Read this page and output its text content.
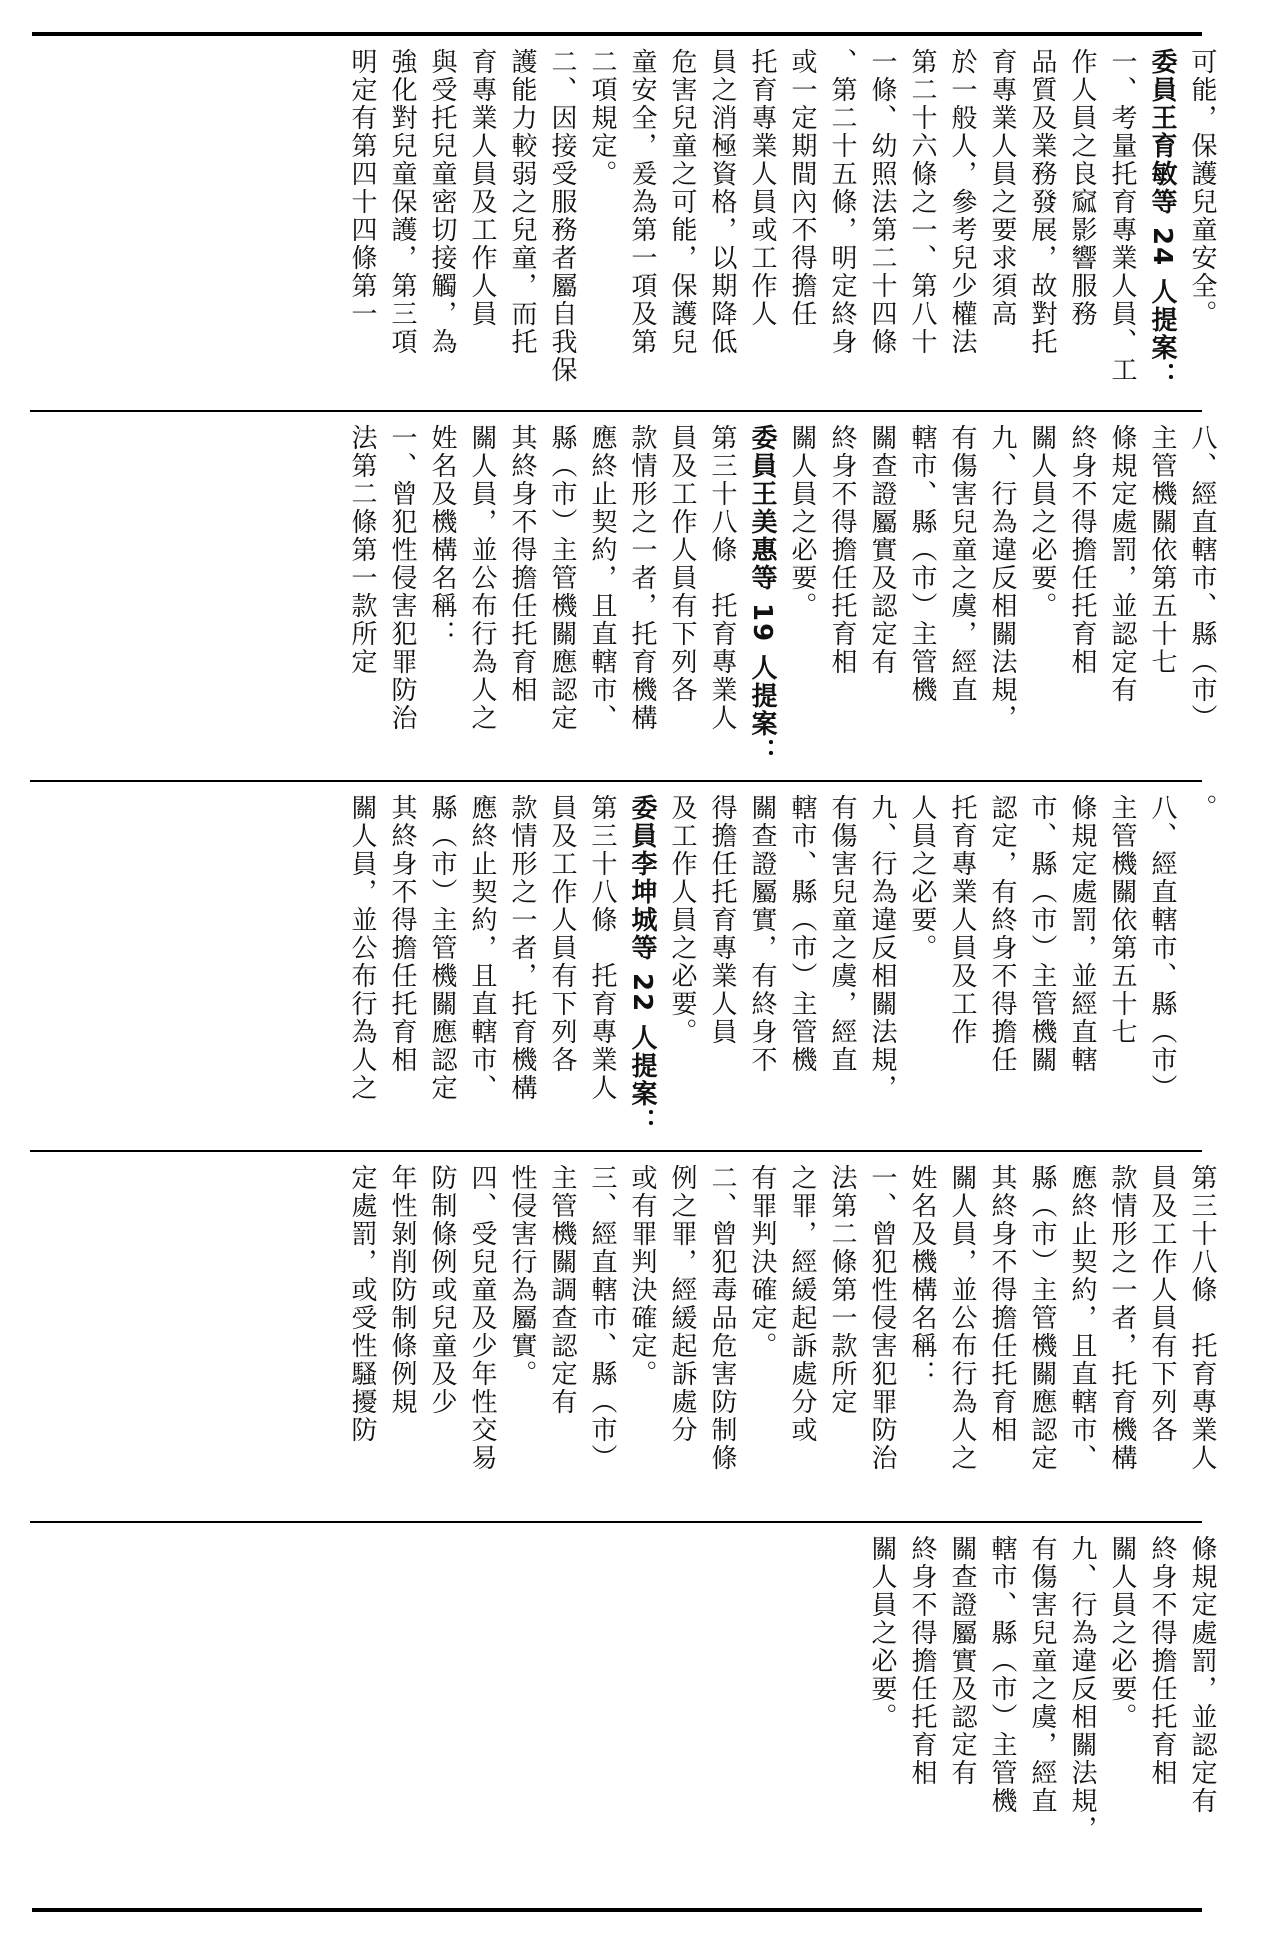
可能，保護兒童安全。
委員王育敏等 24 人提案：
一、考量托育專業人員、工
作人員之良窳影響服務
品質及業務發展，故對托
育專業人員之要求須高
於一般人，參考兒少權法
第二十六條之一、第八十
一條、幼照法第二十四條
、第二十五條，明定終身
或一定期間內不得擔任
托育專業人員或工作人
員之消極資格，以期降低
危害兒童之可能，保護兒
童安全，爰為第一項及第
二項規定。
二、因接受服務者屬自我保
護能力較弱之兒童，而托
育專業人員及工作人員
與受托兒童密切接觸，為
強化對兒童保護，第三項
明定有第四十四條第一
八、經直轄市、縣（市）
主管機關依第五十七
條規定處罰，並認定有
終身不得擔任托育相
關人員之必要。
九、行為違反相關法規，
有傷害兒童之虞，經直
轄市、縣（市）主管機
關查證屬實及認定有
終身不得擔任托育相
關人員之必要。
委員王美惠等 19 人提案：
第三十八條　托育專業人
員及工作人員有下列各
款情形之一者，托育機構
應終止契約，且直轄市、
縣（市）主管機關應認定
其終身不得擔任托育相
關人員，並公布行為人之
姓名及機構名稱：
一、曾犯性侵害犯罪防治
法第二條第一款所定
。
八、經直轄市、縣（市）
主管機關依第五十七
條規定處罰，並經直轄
市、縣（市）主管機關
認定，有終身不得擔任
托育專業人員及工作
人員之必要。
九、行為違反相關法規，
有傷害兒童之虞，經直
轄市、縣（市）主管機
關查證屬實，有終身不
得擔任托育專業人員
及工作人員之必要。
委員李坤城等 22 人提案：
第三十八條　托育專業人
員及工作人員有下列各
款情形之一者，托育機構
應終止契約，且直轄市、
縣（市）主管機關應認定
其終身不得擔任托育相
關人員，並公布行為人之
第三十八條　托育專業人
員及工作人員有下列各
款情形之一者，托育機構
應終止契約，且直轄市、
縣（市）主管機關應認定
其終身不得擔任托育相
關人員，並公布行為人之
姓名及機構名稱：
一、曾犯性侵害犯罪防治
法第二條第一款所定
之罪，經緩起訴處分或
有罪判決確定。
二、曾犯毒品危害防制條
例之罪，經緩起訴處分
或有罪判決確定。
三、經直轄市、縣（市）
主管機關調查認定有
性侵害行為屬實。
四、受兒童及少年性交易
防制條例或兒童及少
年性剝削防制條例規
定處罰，或受性騷擾防
條規定處罰，並認定有
終身不得擔任托育相
關人員之必要。
九、行為違反相關法規，
有傷害兒童之虞，經直
轄市、縣（市）主管機
關查證屬實及認定有
終身不得擔任托育相
關人員之必要。
